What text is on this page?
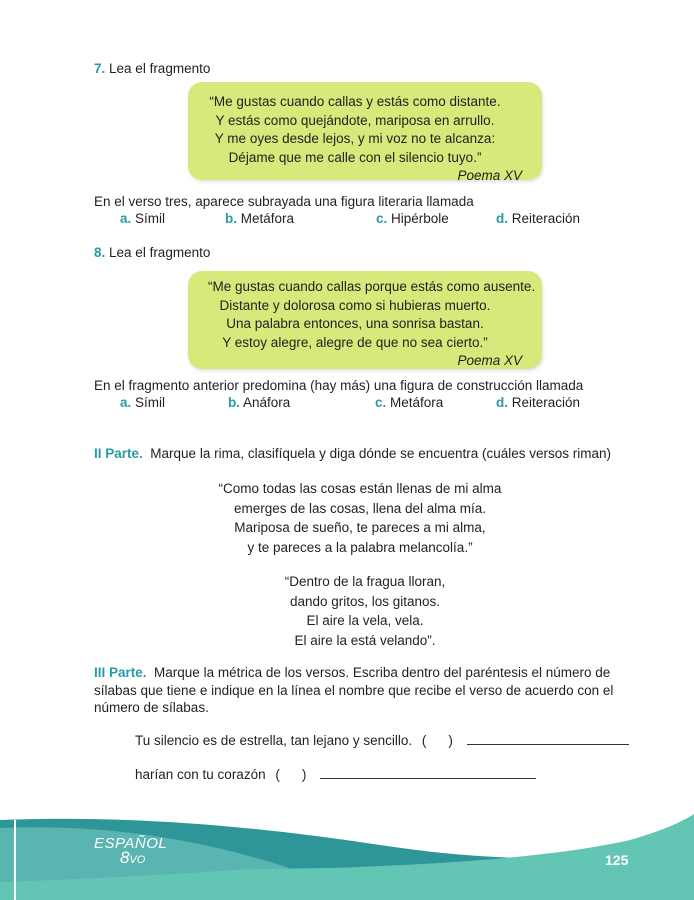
7. Lea el fragmento
“Me gustas cuando callas y estás como distante.
Y estás como quejándote, mariposa en arrullo.
Y me oyes desde lejos, y mi voz no te alcanza:
Déjame que me calle con el silencio tuyo.”
Poema XV
En el verso tres, aparece subrayada una figura literaria llamada
a. Símil	b. Metáfora	c. Hipérbole	d. Reiteración
8. Lea el fragmento
“Me gustas cuando callas porque estás como ausente.
Distante y dolorosa como si hubieras muerto.
Una palabra entonces, una sonrisa bastan.
Y estoy alegre, alegre de que no sea cierto.”
Poema XV
En el fragmento anterior predomina (hay más) una figura de construcción llamada
a. Símil	b. Anáfora	c. Metáfora	d. Reiteración
II Parte. Marque la rima, clasifíquela y diga dónde se encuentra (cuáles versos riman)
“Como todas las cosas están llenas de mi alma
emerges de las cosas, llena del alma mía.
Mariposa de sueño, te pareces a mi alma,
y te pareces a la palabra melancolía.”
“Dentro de la fragua lloran,
dando gritos, los gitanos.
El aire la vela, vela.
El aire la está velando”.
III Parte. Marque la métrica de los versos. Escriba dentro del paréntesis el número de sílabas que tiene e indique en la línea el nombre que recibe el verso de acuerdo con el número de sílabas.
Tu silencio es de estrella, tan lejano y sencillo. ( )
harían con tu corazón ( )
ESPAÑOL
8VO	125
